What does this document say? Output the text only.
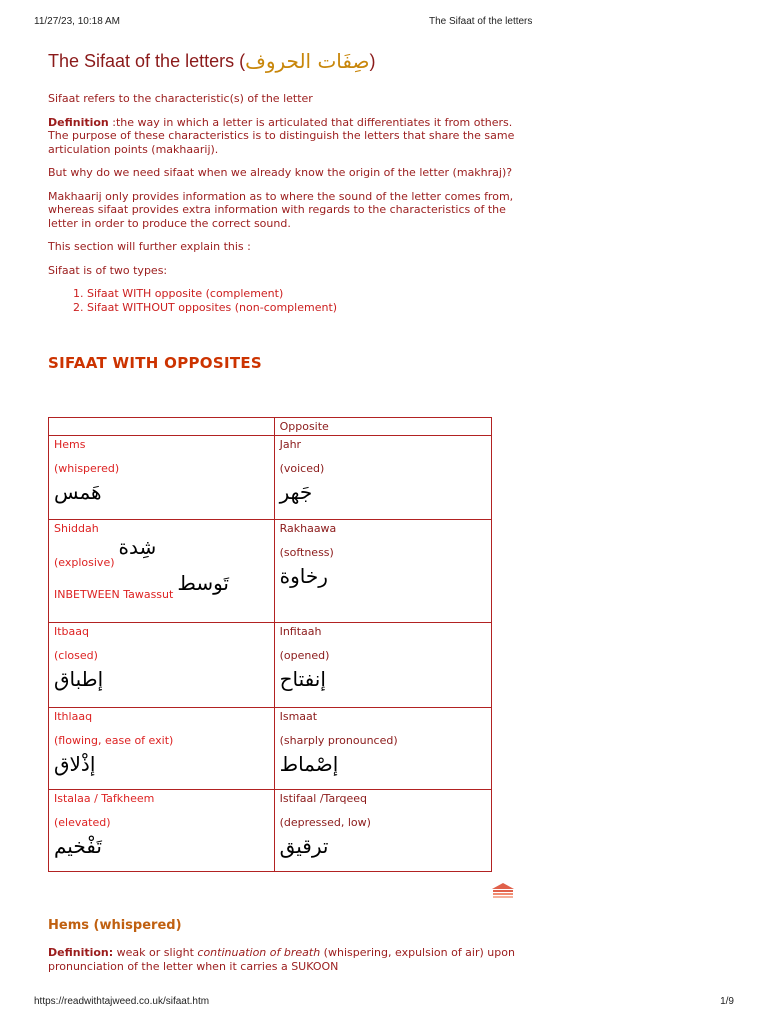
11/27/23, 10:18 AM	The Sifaat of the letters
The Sifaat of the letters ( صِفَات الحروف )

Sifaat refers to the characteristic(s) of the letter

Definition :the way in which a letter is articulated that differentiates it from others. The purpose of these characteristics is to distinguish the letters that share the same articulation points (makhaarij).

But why do we need sifaat when we already know the origin of the letter (makhraj)?

Makhaarij only provides information as to where the sound of the letter comes from, whereas sifaat provides extra information with regards to the characteristics of the letter in order to produce the correct sound.

This section will further explain this :

Sifaat is of two types:

1. Sifaat WITH opposite (complement)
2. Sifaat WITHOUT opposites (non-complement)
SIFAAT WITH OPPOSITES

	Opposite

Hems
(whispered)
هَمس	Jahr
(voiced)
جَهر

Shiddah
(explosive)
شِدة
INBETWEEN Tawassut تَوسط	Rakhaawa
(softness)
رخاوة

Itbaaq
(closed)
إطباق	Infitaah
(opened)
إنفتاح

Ithlaaq
(flowing, ease of exit)
إذْلاق	Ismaat
(sharply pronounced)
إصْماط

Istalaa / Tafkheem
(elevated)
تَفْخيم	Istifaal /Tarqeeq
(depressed, low)
ترقيق
Hems (whispered)

Definition: weak or slight continuation of breath (whispering, expulsion of air) upon pronunciation of the letter when it carries a SUKOON

https://readwithtajweed.co.uk/sifaat.htm	1/9
